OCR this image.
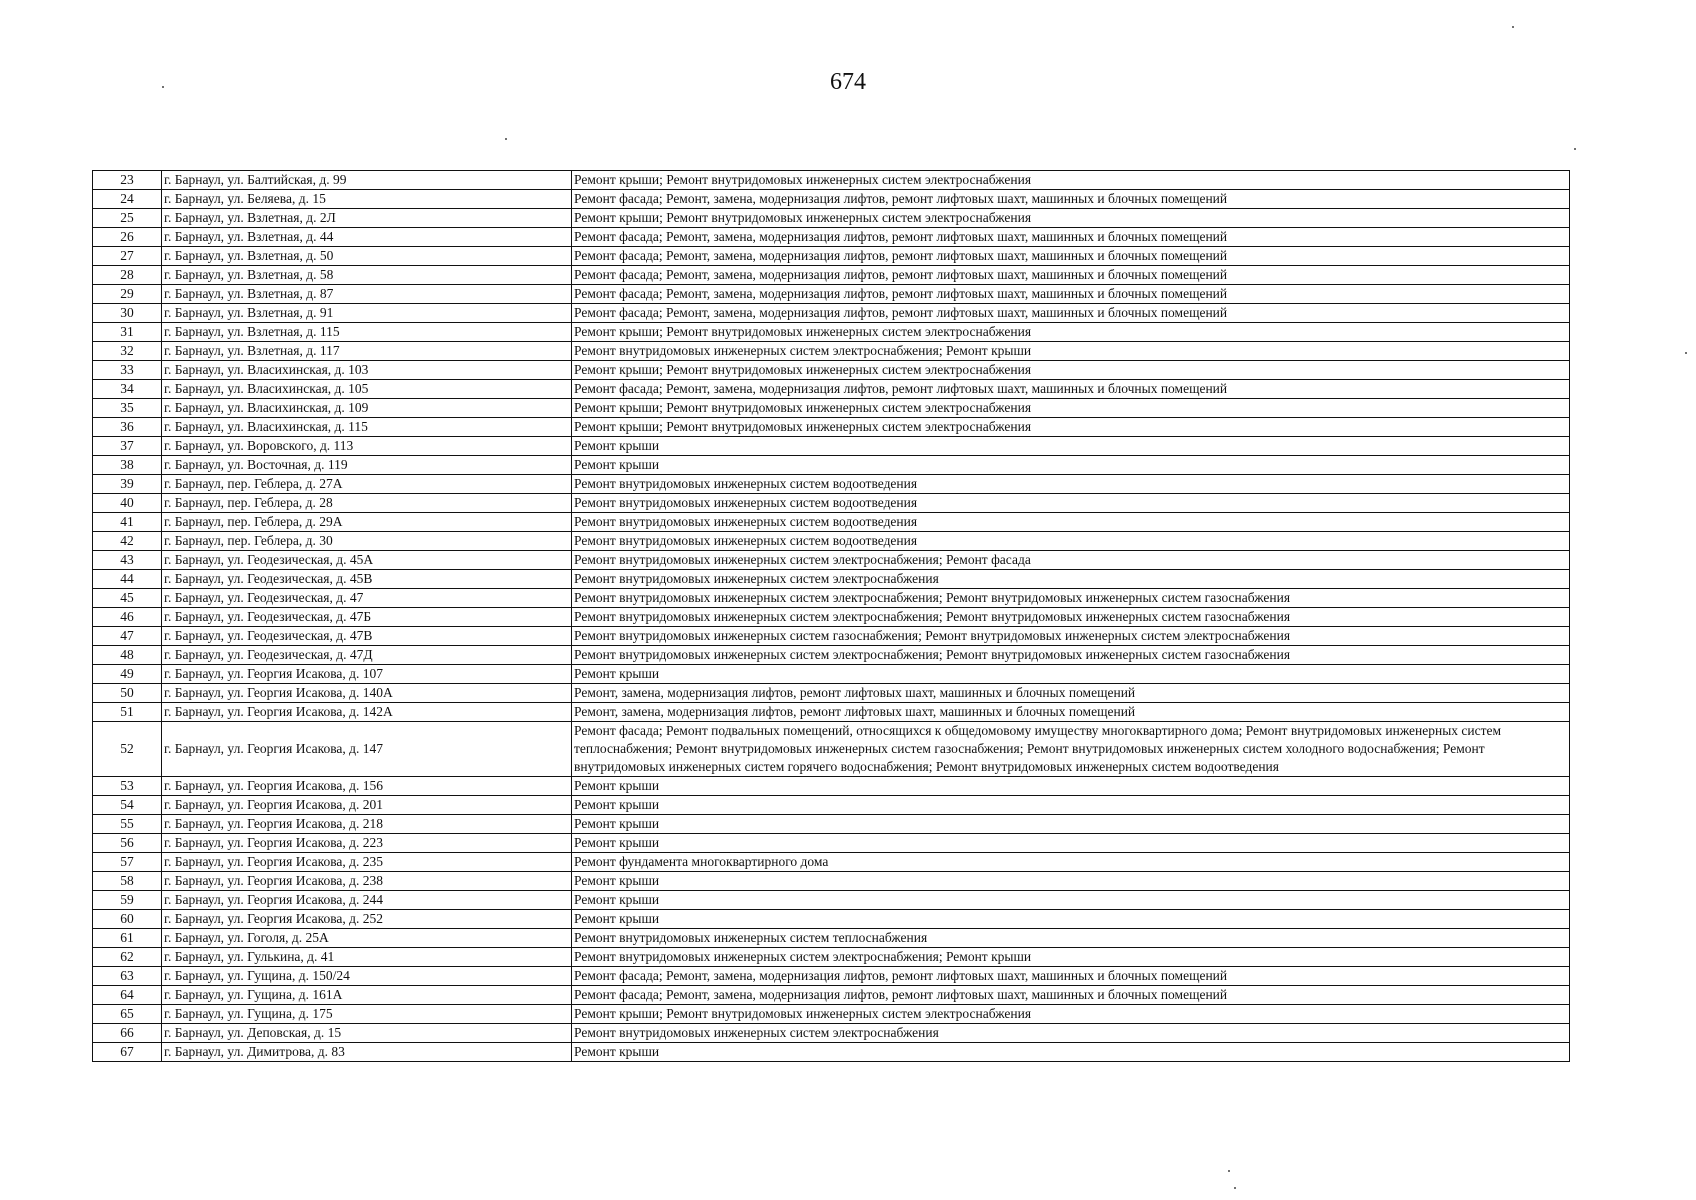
674
23	г. Барнаул, ул. Балтийская, д. 99	Ремонт крыши; Ремонт внутридомовых инженерных систем электроснабжения
24	г. Барнаул, ул. Беляева, д. 15	Ремонт фасада; Ремонт, замена, модернизация лифтов, ремонт лифтовых шахт, машинных и блочных помещений
25	г. Барнаул, ул. Взлетная, д. 2Л	Ремонт крыши; Ремонт внутридомовых инженерных систем электроснабжения
26	г. Барнаул, ул. Взлетная, д. 44	Ремонт фасада; Ремонт, замена, модернизация лифтов, ремонт лифтовых шахт, машинных и блочных помещений
27	г. Барнаул, ул. Взлетная, д. 50	Ремонт фасада; Ремонт, замена, модернизация лифтов, ремонт лифтовых шахт, машинных и блочных помещений
28	г. Барнаул, ул. Взлетная, д. 58	Ремонт фасада; Ремонт, замена, модернизация лифтов, ремонт лифтовых шахт, машинных и блочных помещений
29	г. Барнаул, ул. Взлетная, д. 87	Ремонт фасада; Ремонт, замена, модернизация лифтов, ремонт лифтовых шахт, машинных и блочных помещений
30	г. Барнаул, ул. Взлетная, д. 91	Ремонт фасада; Ремонт, замена, модернизация лифтов, ремонт лифтовых шахт, машинных и блочных помещений
31	г. Барнаул, ул. Взлетная, д. 115	Ремонт крыши; Ремонт внутридомовых инженерных систем электроснабжения
32	г. Барнаул, ул. Взлетная, д. 117	Ремонт внутридомовых инженерных систем электроснабжения; Ремонт крыши
33	г. Барнаул, ул. Власихинская, д. 103	Ремонт крыши; Ремонт внутридомовых инженерных систем электроснабжения
34	г. Барнаул, ул. Власихинская, д. 105	Ремонт фасада; Ремонт, замена, модернизация лифтов, ремонт лифтовых шахт, машинных и блочных помещений
35	г. Барнаул, ул. Власихинская, д. 109	Ремонт крыши; Ремонт внутридомовых инженерных систем электроснабжения
36	г. Барнаул, ул. Власихинская, д. 115	Ремонт крыши; Ремонт внутридомовых инженерных систем электроснабжения
37	г. Барнаул, ул. Воровского, д. 113	Ремонт крыши
38	г. Барнаул, ул. Восточная, д. 119	Ремонт крыши
39	г. Барнаул, пер. Геблера, д. 27А	Ремонт внутридомовых инженерных систем водоотведения
40	г. Барнаул, пер. Геблера, д. 28	Ремонт внутридомовых инженерных систем водоотведения
41	г. Барнаул, пер. Геблера, д. 29А	Ремонт внутридомовых инженерных систем водоотведения
42	г. Барнаул, пер. Геблера, д. 30	Ремонт внутридомовых инженерных систем водоотведения
43	г. Барнаул, ул. Геодезическая, д. 45А	Ремонт внутридомовых инженерных систем электроснабжения; Ремонт фасада
44	г. Барнаул, ул. Геодезическая, д. 45В	Ремонт внутридомовых инженерных систем электроснабжения
45	г. Барнаул, ул. Геодезическая, д. 47	Ремонт внутридомовых инженерных систем электроснабжения; Ремонт внутридомовых инженерных систем газоснабжения
46	г. Барнаул, ул. Геодезическая, д. 47Б	Ремонт внутридомовых инженерных систем электроснабжения; Ремонт внутридомовых инженерных систем газоснабжения
47	г. Барнаул, ул. Геодезическая, д. 47В	Ремонт внутридомовых инженерных систем газоснабжения; Ремонт внутридомовых инженерных систем электроснабжения
48	г. Барнаул, ул. Геодезическая, д. 47Д	Ремонт внутридомовых инженерных систем электроснабжения; Ремонт внутридомовых инженерных систем газоснабжения
49	г. Барнаул, ул. Георгия Исакова, д. 107	Ремонт крыши
50	г. Барнаул, ул. Георгия Исакова, д. 140А	Ремонт, замена, модернизация лифтов, ремонт лифтовых шахт, машинных и блочных помещений
51	г. Барнаул, ул. Георгия Исакова, д. 142А	Ремонт, замена, модернизация лифтов, ремонт лифтовых шахт, машинных и блочных помещений
52	г. Барнаул, ул. Георгия Исакова, д. 147	Ремонт фасада; Ремонт подвальных помещений, относящихся к общедомовому имуществу многоквартирного дома; Ремонт внутридомовых инженерных систем теплоснабжения; Ремонт внутридомовых инженерных систем газоснабжения; Ремонт внутридомовых инженерных систем холодного водоснабжения; Ремонт внутридомовых инженерных систем горячего водоснабжения; Ремонт внутридомовых инженерных систем водоотведения
53	г. Барнаул, ул. Георгия Исакова, д. 156	Ремонт крыши
54	г. Барнаул, ул. Георгия Исакова, д. 201	Ремонт крыши
55	г. Барнаул, ул. Георгия Исакова, д. 218	Ремонт крыши
56	г. Барнаул, ул. Георгия Исакова, д. 223	Ремонт крыши
57	г. Барнаул, ул. Георгия Исакова, д. 235	Ремонт фундамента многоквартирного дома
58	г. Барнаул, ул. Георгия Исакова, д. 238	Ремонт крыши
59	г. Барнаул, ул. Георгия Исакова, д. 244	Ремонт крыши
60	г. Барнаул, ул. Георгия Исакова, д. 252	Ремонт крыши
61	г. Барнаул, ул. Гоголя, д. 25А	Ремонт внутридомовых инженерных систем теплоснабжения
62	г. Барнаул, ул. Гулькина, д. 41	Ремонт внутридомовых инженерных систем электроснабжения; Ремонт крыши
63	г. Барнаул, ул. Гущина, д. 150/24	Ремонт фасада; Ремонт, замена, модернизация лифтов, ремонт лифтовых шахт, машинных и блочных помещений
64	г. Барнаул, ул. Гущина, д. 161А	Ремонт фасада; Ремонт, замена, модернизация лифтов, ремонт лифтовых шахт, машинных и блочных помещений
65	г. Барнаул, ул. Гущина, д. 175	Ремонт крыши; Ремонт внутридомовых инженерных систем электроснабжения
66	г. Барнаул, ул. Деповская, д. 15	Ремонт внутридомовых инженерных систем электроснабжения
67	г. Барнаул, ул. Димитрова, д. 83	Ремонт крыши
